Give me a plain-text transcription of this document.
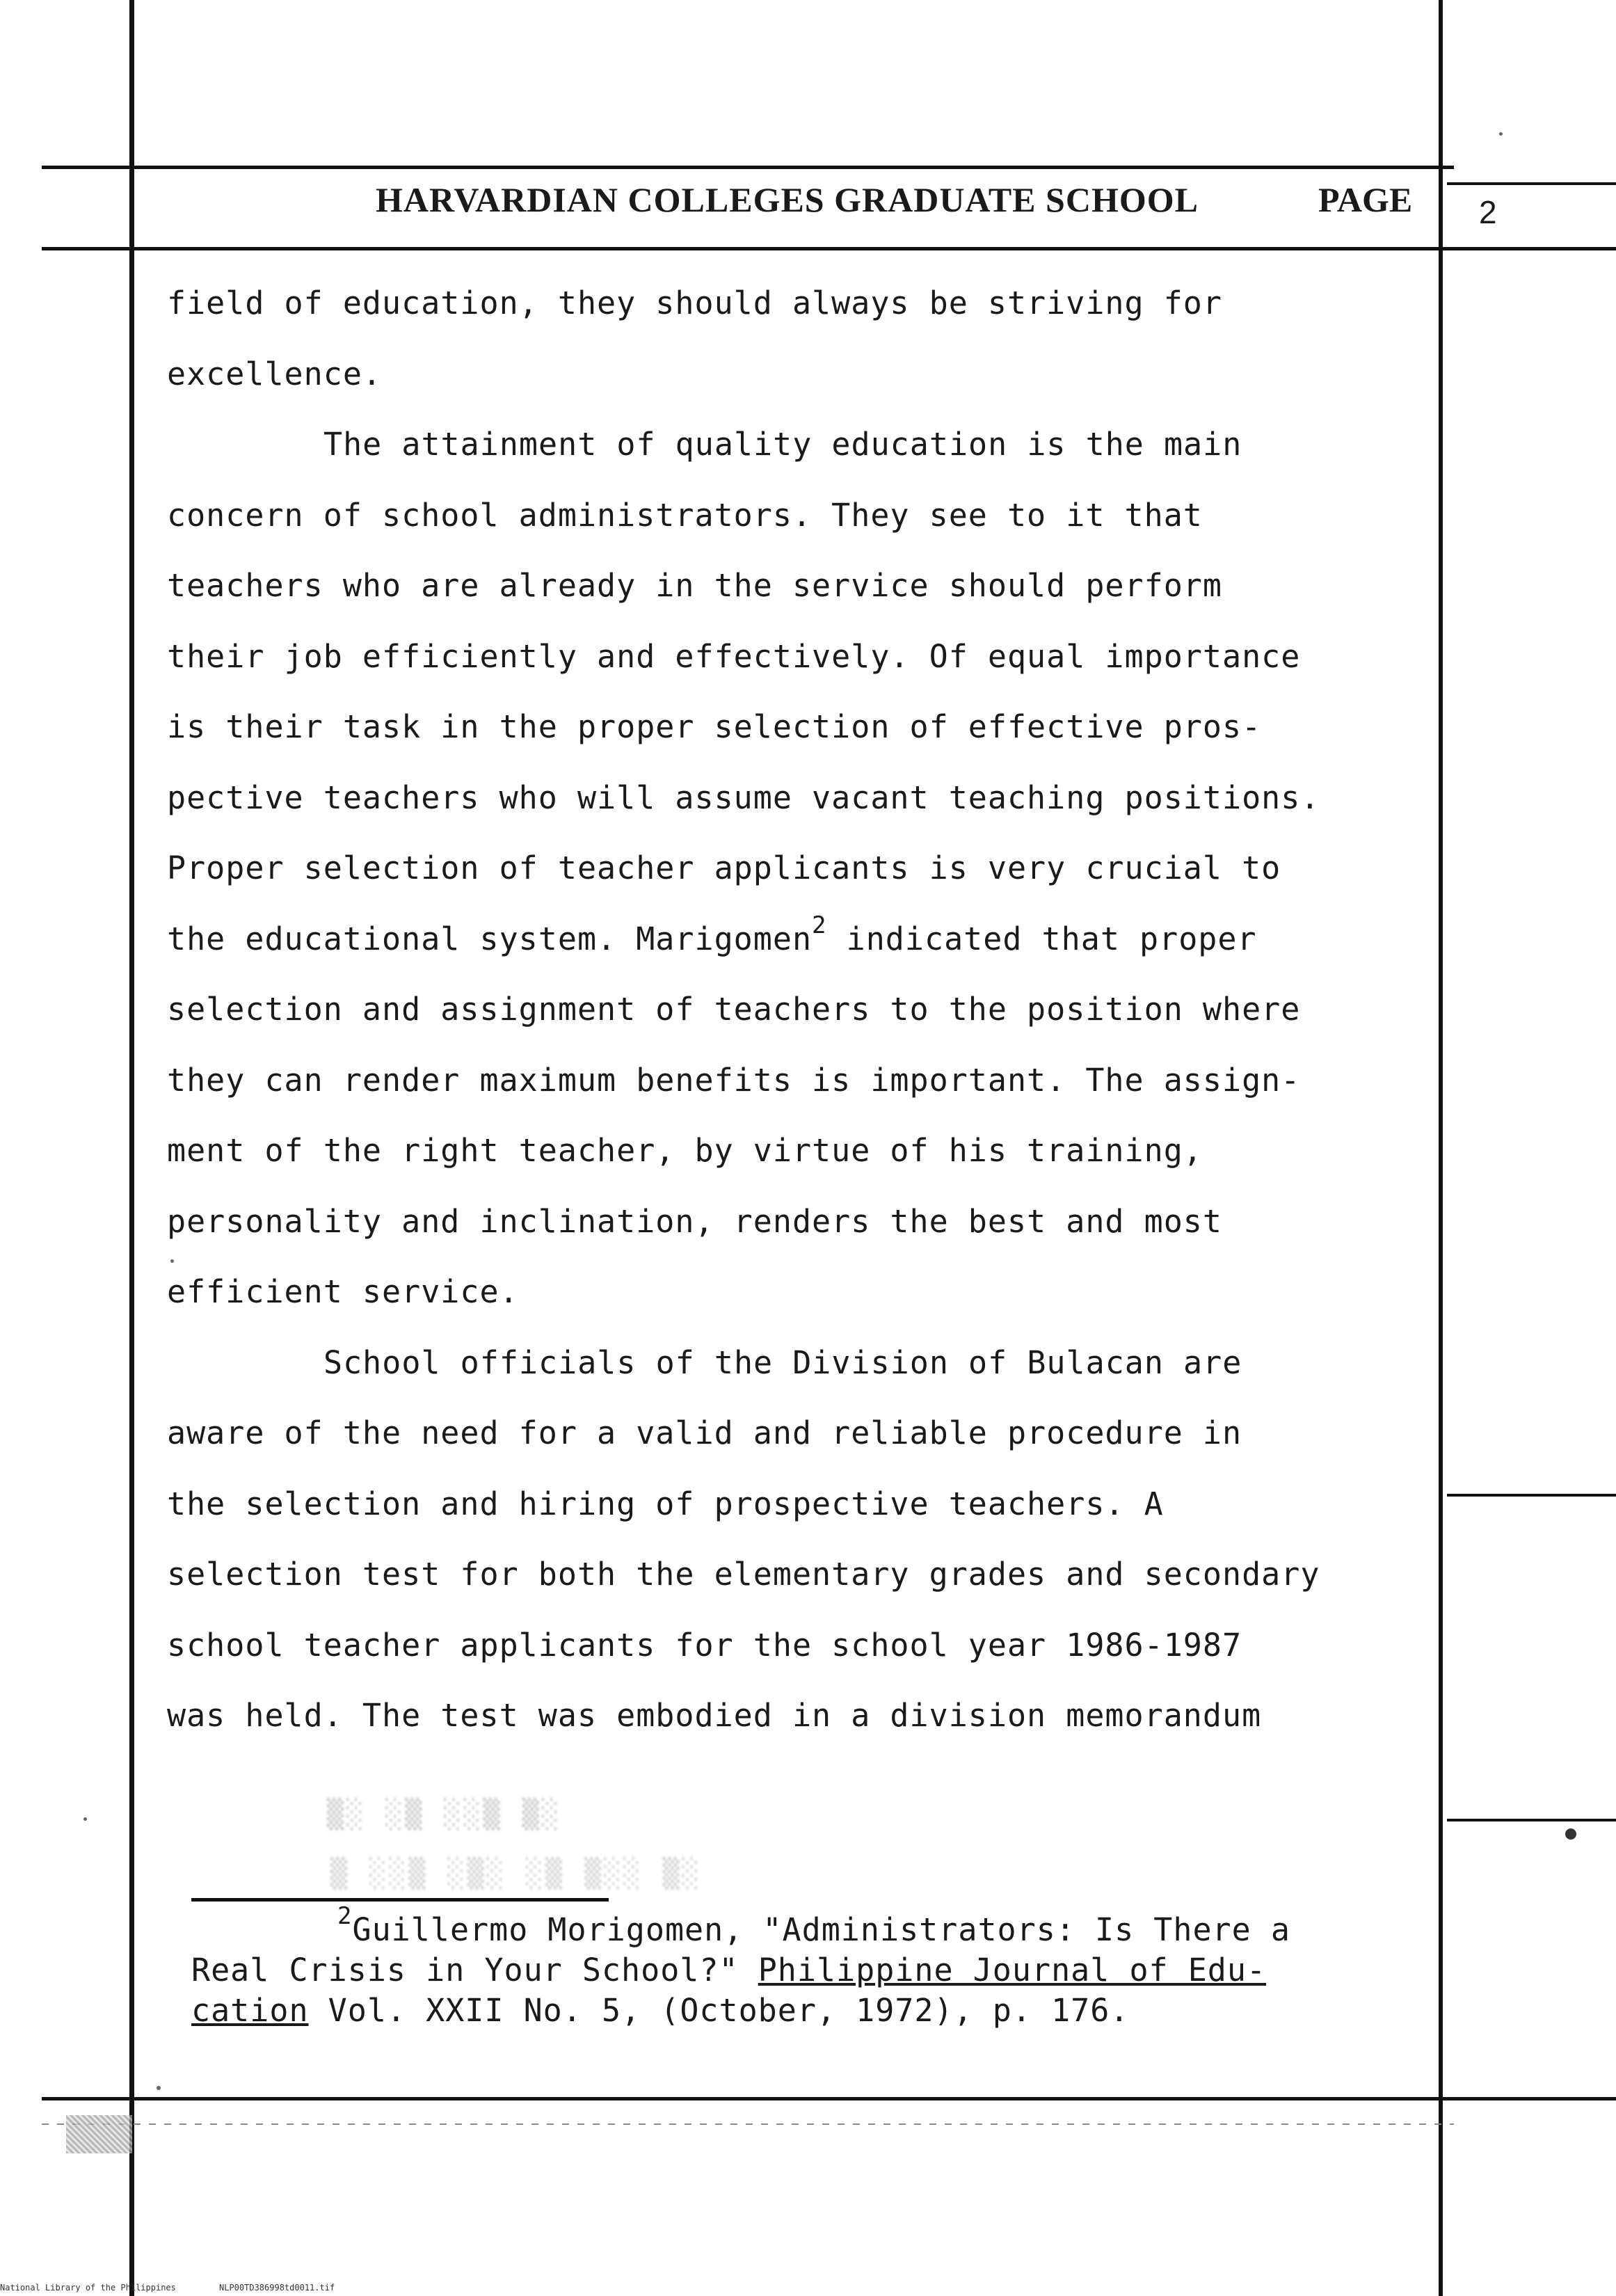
HARVARDIAN COLLEGES GRADUATE SCHOOL	PAGE 2
field of education, they should always be striving for
excellence.
The attainment of quality education is the main
concern of school administrators. They see to it that
teachers who are already in the service should perform
their job efficiently and effectively. Of equal importance
is their task in the proper selection of effective pros-
pective teachers who will assume vacant teaching positions.
Proper selection of teacher applicants is very crucial to
the educational system. Marigomen$^2$ indicated that proper
selection and assignment of teachers to the position where
they can render maximum benefits is important. The assign-
ment of the right teacher, by virtue of his training,
personality and inclination, renders the best and most
efficient service.
School officials of the Division of Bulacan are
aware of the need for a valid and reliable procedure in
the selection and hiring of prospective teachers. A
selection test for both the elementary grades and secondary
school teacher applicants for the school year 1986-1987
was held. The test was embodied in a division memorandum
▒░ ░▒ ░░▒ ▒░
▒ ░░▒ ░▒░ ░▒ ▒░░ ▒░
$^2$Guillermo Morigomen, "Administrators: Is There a
Real Crisis in Your School?" Philippine Journal of Edu-
cation Vol. XXII No. 5, (October, 1972), p. 176.
National Library of the Philippines	NLP00TD386998td0011.tif
